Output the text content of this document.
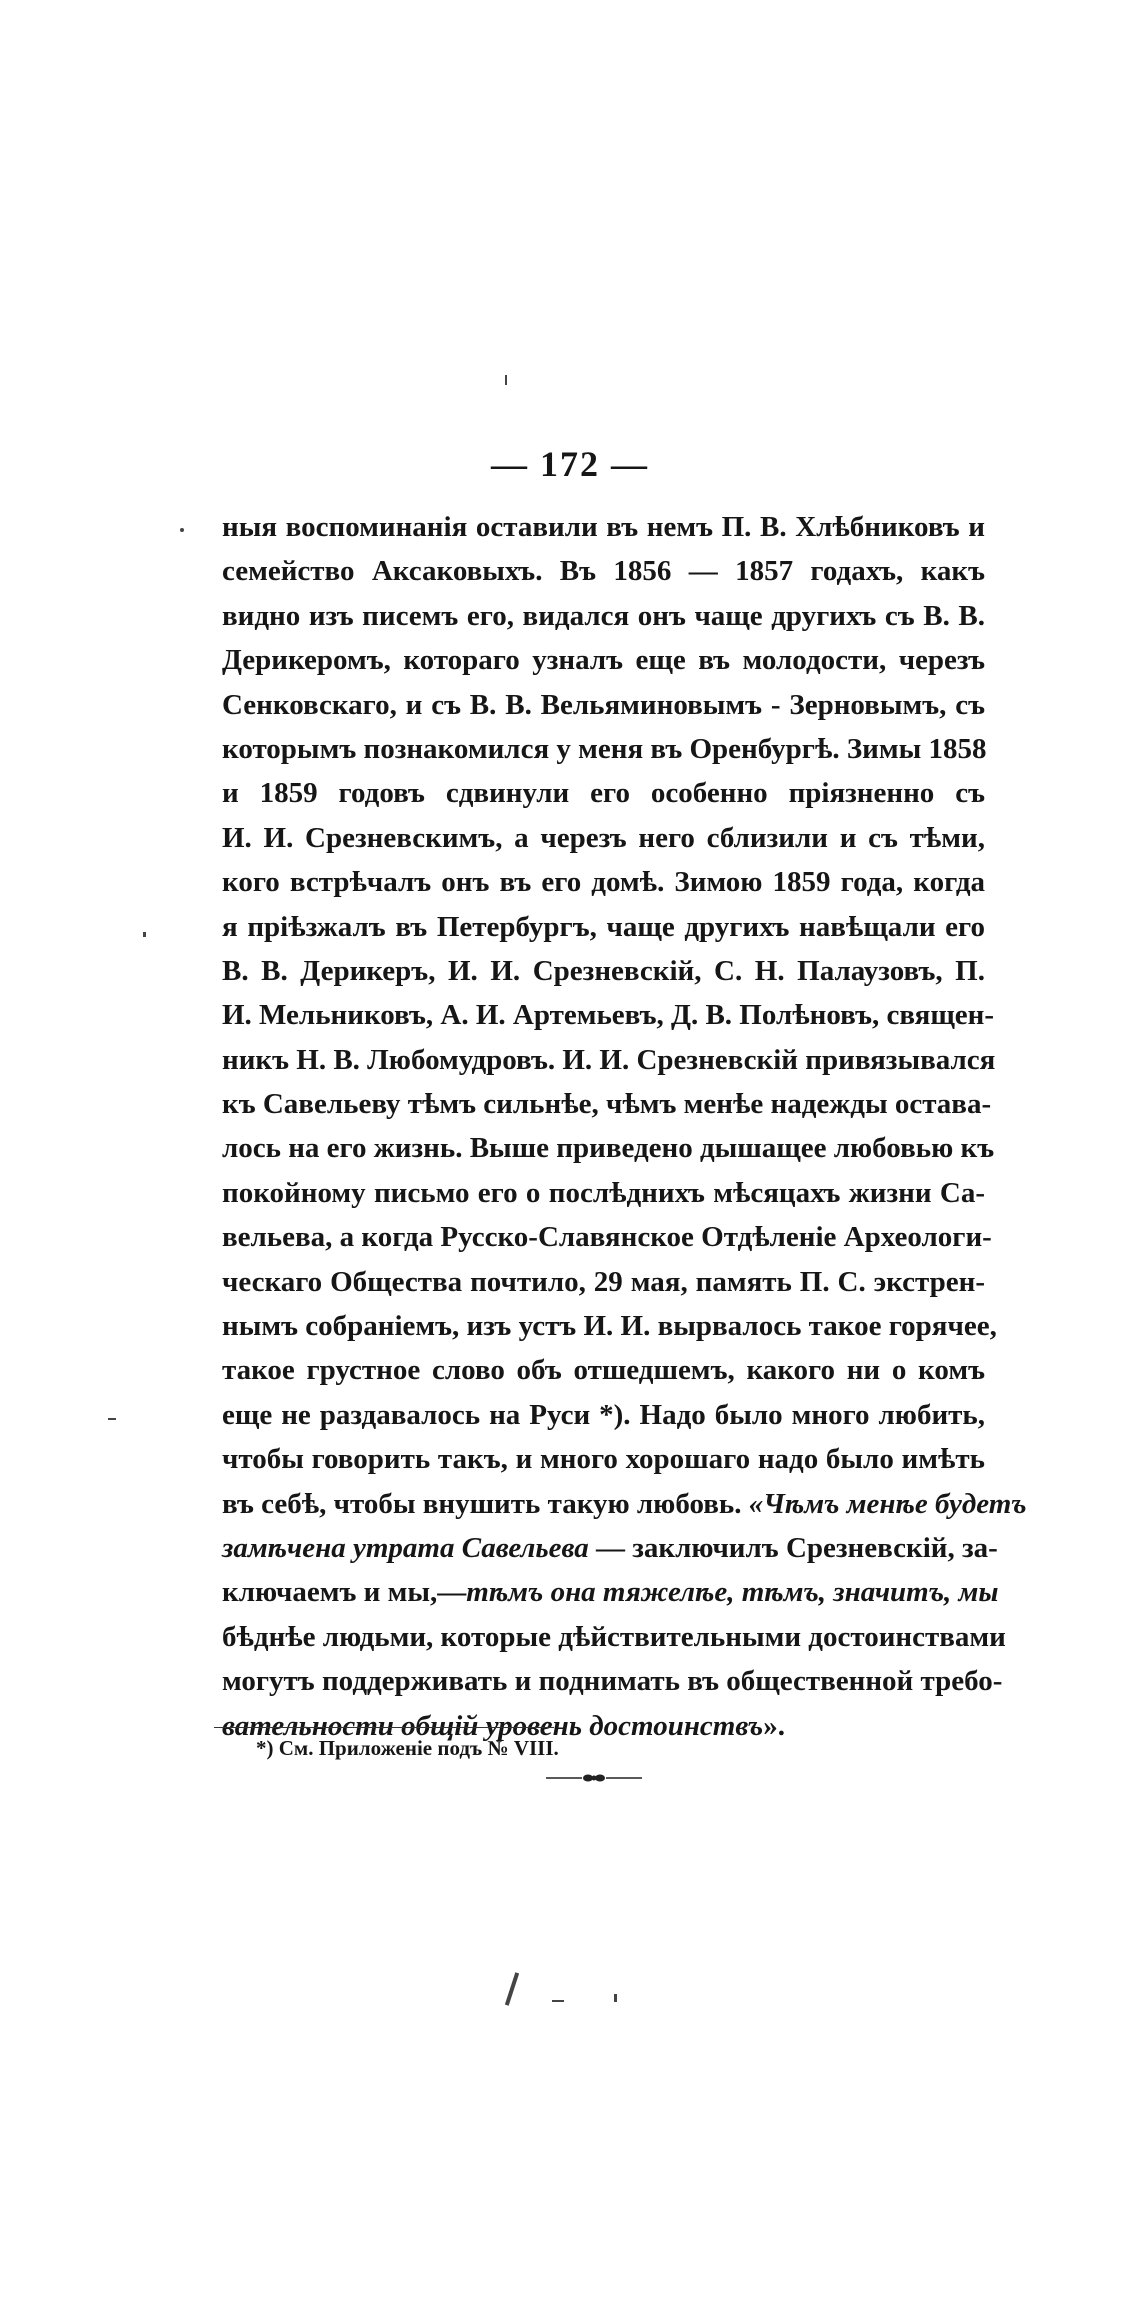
— 172 —
ныя воспоминанія оставили въ немъ П. В. Хлѣбниковъ и
семейство Аксаковыхъ. Въ 1856 — 1857 годахъ, какъ
видно изъ писемъ его, видался онъ чаще другихъ съ В. В.
Дерикеромъ, котораго узналъ еще въ молодости, черезъ
Сенковскаго, и съ В. В. Вельяминовымъ - Зерновымъ, съ
которымъ познакомился у меня въ Оренбургѣ. Зимы 1858
и 1859 годовъ сдвинули его особенно пріязненно съ
И. И. Срезневскимъ, а черезъ него сблизили и съ тѣми,
кого встрѣчалъ онъ въ его домѣ. Зимою 1859 года, когда
я пріѣзжалъ въ Петербургъ, чаще другихъ навѣщали его
В. В. Дерикеръ, И. И. Срезневскій, С. Н. Палаузовъ, П.
И. Мельниковъ, А. И. Артемьевъ, Д. В. Полѣновъ, священ-
никъ Н. В. Любомудровъ. И. И. Срезневскій привязывался
къ Савельеву тѣмъ сильнѣе, чѣмъ менѣе надежды остава-
лось на его жизнь. Выше приведено дышащее любовью къ
покойному письмо его о послѣднихъ мѣсяцахъ жизни Са-
вельева, а когда Русско-Славянское Отдѣленіе Археологи-
ческаго Общества почтило, 29 мая, память П. С. экстрен-
нымъ собраніемъ, изъ устъ И. И. вырвалось такое горячее,
такое грустное слово объ отшедшемъ, какого ни о комъ
еще не раздавалось на Руси *). Надо было много любить,
чтобы говорить такъ, и много хорошаго надо было имѣть
въ себѣ, чтобы внушить такую любовь. «Чѣмъ менѣе будетъ
замѣчена утрата Савельева — заключилъ Срезневскій, за-
ключаемъ и мы,—тѣмъ она тяжелѣе, тѣмъ, значитъ, мы
бѣднѣе людьми, которые дѣйствительными достоинствами
могутъ поддерживать и поднимать въ общественной требо-
вательности общій уровень достоинствъ».
*) См. Приложеніе подъ № VIII.
